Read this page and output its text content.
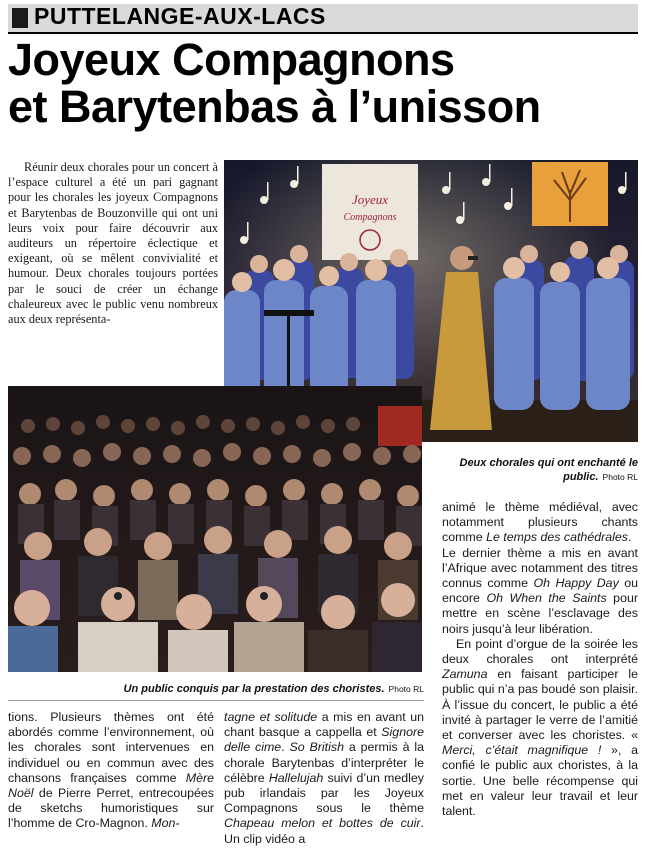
PUTTELANGE-AUX-LACS
Joyeux Compagnons
et Barytenbas à l’unisson

Réunir deux chorales pour un concert à l’espace culturel a été un pari gagnant pour les chorales les joyeux Compagnons et Barytenbas de Bouzonville qui ont uni leurs voix pour faire découvrir aux auditeurs un répertoire éclectique et exigeant, où se mêlent convivialité et humour. Deux chorales toujours portées par le souci de créer un échange chaleureux avec le public venu nombreux aux deux représenta-

Joyeux
Compagnons
Deux chorales qui ont enchanté le public. Photo RL
Un public conquis par la prestation des choristes. Photo RL

animé le thème médiéval, avec notamment plusieurs chants comme Le temps des cathédrales.

Le dernier thème a mis en avant l’Afrique avec notamment des titres connus comme Oh Happy Day ou encore Oh When the Saints pour mettre en scène l’esclavage des noirs jusqu’à leur libération.

En point d’orgue de la soirée les deux chorales ont interprété Zamuna en faisant participer le public qui n’a pas boudé son plaisir. À l’issue du concert, le public a été invité à partager le verre de l’amitié et converser avec les choristes. « Merci, c’était magnifique ! », a confié le public aux choristes, à la sortie. Une belle récompense qui met en valeur leur travail et leur talent.

tions. Plusieurs thèmes ont été abordés comme l’environnement, où les chorales sont intervenues en individuel ou en commun avec des chansons françaises comme Mère Noël de Pierre Perret, entrecoupées de sketchs humoristiques sur l’homme de Cro-Magnon. Mon-

tagne et solitude a mis en avant un chant basque a cappella et Signore delle cime. So British a permis à la chorale Barytenbas d’interpréter le célèbre Hallelujah suivi d’un medley pub irlandais par les Joyeux Compagnons sous le thème Chapeau melon et bottes de cuir. Un clip vidéo a
